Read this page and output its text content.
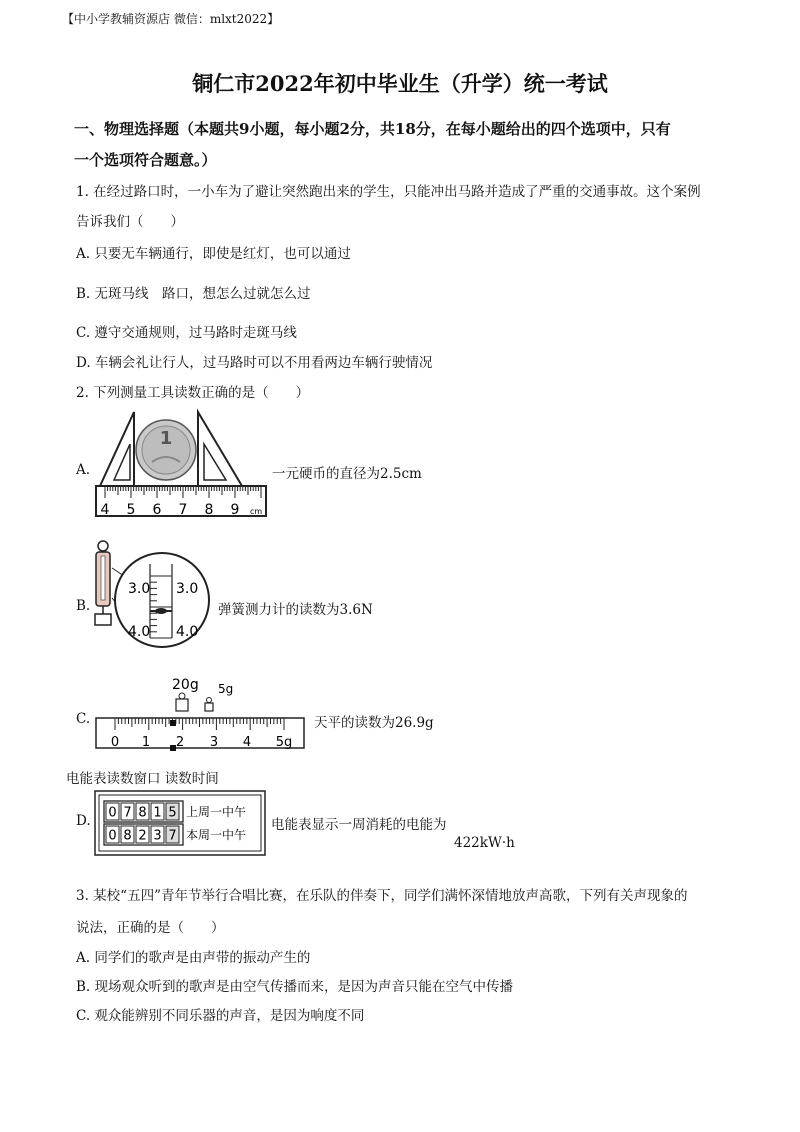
【中小学教辅资源店 微信：mlxt2022】
铜仁市2022年初中毕业生（升学）统一考试
一、物理选择题（本题共9小题，每小题2分，共18分，在每小题给出的四个选项中，只有
一个选项符合题意。）
1. 在经过路口时，一小车为了避让突然跑出来的学生，只能冲出马路并造成了严重的交通事故。这个案例
告诉我们（　　）
A. 只要无车辆通行，即使是红灯，也可以通过
B. 无斑马线　路口，想怎么过就怎么过
C. 遵守交通规则，过马路时走斑马线
D. 车辆会礼让行人，过马路时可以不用看两边车辆行驶情况
2. 下列测量工具读数正确的是（　　）
A.
1
4 5 6 7 8 9 cm
一元硬币的直径为2.5cm
B.
3.0 3.0
4.0 4.0
弹簧测力计的读数为3.6N
C.
20g 5g
0 1 2 3 4 5g
天平的读数为26.9g
电能表读数窗口 读数时间
D. 0 7 8 1 5
0 8 2 3 7
上周一中午
本周一中午
电能表显示一周消耗的电能为
422kW·h
3. 某校“五四”青年节举行合唱比赛，在乐队的伴奏下，同学们满怀深情地放声高歌，下列有关声现象的
说法，正确的是（　　）
A. 同学们的歌声是由声带的振动产生的
B. 现场观众听到的歌声是由空气传播而来，是因为声音只能在空气中传播
C. 观众能辨别不同乐器的声音，是因为响度不同
